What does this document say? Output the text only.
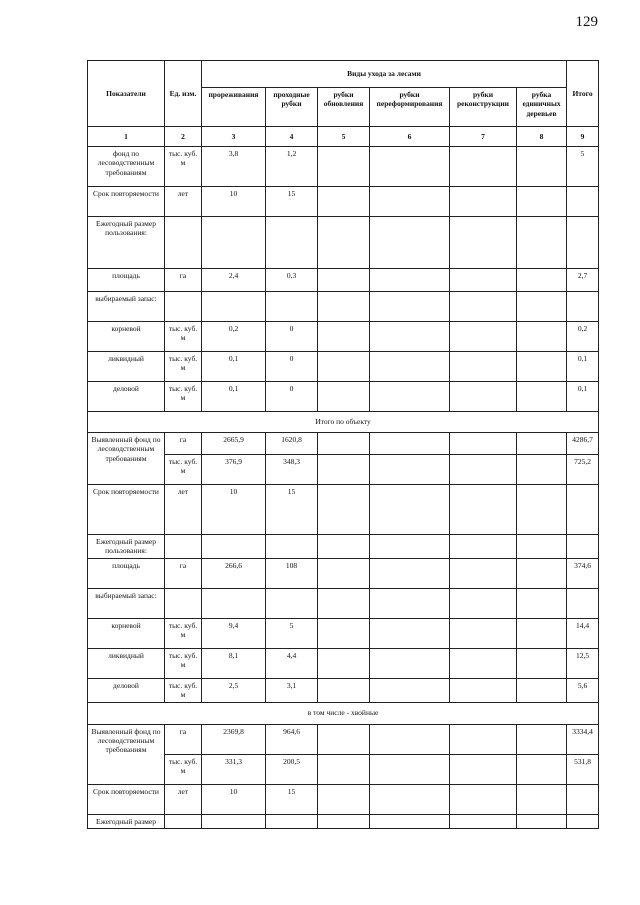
129
Показатели	Ед. изм.	Виды ухода за лесами						Итого
		прореживания	проходные рубки	рубки обновления	рубки переформирования	рубки реконструкции	рубка единичных деревьев	
1	2	3	4	5	6	7	8	9
фонд по лесоводственным требованиям	тыс. куб. м	3,8	1,2					5
Срок повторяемости	лет	10	15					
Ежегодный размер пользования:								
площадь	га	2,4	0,3					2,7
выбираемый запас:								
корневой	тыс. куб. м	0,2	0					0,2
ликвидный	тыс. куб. м	0,1	0					0,1
деловой	тыс. куб. м	0,1	0					0,1
Итого по объекту								
Выявленный фонд по лесоводственным требованиям	га	2665,9	1620,8					4286,7
	тыс. куб. м	376,9	348,3					725,2
Срок повторяемости	лет	10	15					
Ежегодный размер пользования:								
площадь	га	266,6	108					374,6
выбираемый запас:								
корневой	тыс. куб. м	9,4	5					14,4
ликвидный	тыс. куб. м	8,1	4,4					12,5
деловой	тыс. куб. м	2,5	3,1					5,6
в том числе - хвойные								
Выявленный фонд по лесоводственным требованиям	га	2369,8	964,6					3334,4
	тыс. куб. м	331,3	200,5					531,8
Срок повторяемости	лет	10	15					
Ежегодный размер								
